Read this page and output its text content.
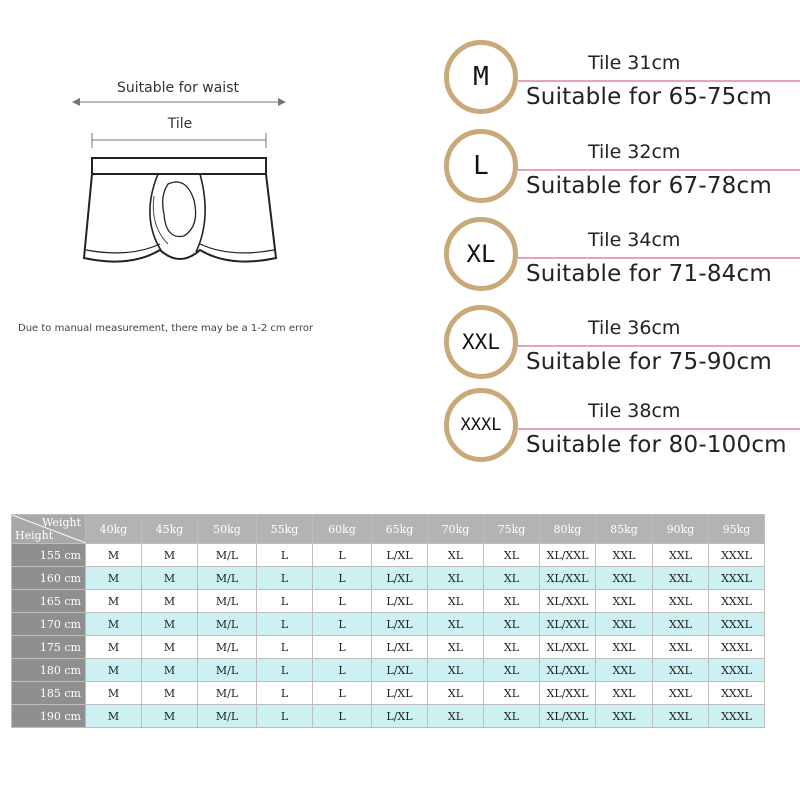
Suitable for waist
Tile
Due to manual measurement, there may be a 1-2 cm error
M	Tile 31cm
Suitable for 65-75cm
L	Tile 32cm
Suitable for 67-78cm
XL	Tile 34cm
Suitable for 71-84cm
XXL
Tile 36cm
Suitable for 75-90cm
XXXL
Tile 38cm
Suitable for 80-100cm
Weight
Height	40kg	45kg	50kg	55kg	60kg	65kg	70kg	75kg	80kg	85kg	90kg	95kg
155 cm	M	M	M/L	L	L	L/XL	XL	XL	XL/XXL	XXL	XXL	XXXL
160 cm	M	M	M/L	L	L	L/XL	XL	XL	XL/XXL	XXL	XXL	XXXL
165 cm	M	M	M/L	L	L	L/XL	XL	XL	XL/XXL	XXL	XXL	XXXL
170 cm	M	M	M/L	L	L	L/XL	XL	XL	XL/XXL	XXL	XXL	XXXL
175 cm	M	M	M/L	L	L	L/XL	XL	XL	XL/XXL	XXL	XXL	XXXL
180 cm	M	M	M/L	L	L	L/XL	XL	XL	XL/XXL	XXL	XXL	XXXL
185 cm	M	M	M/L	L	L	L/XL	XL	XL	XL/XXL	XXL	XXL	XXXL
190 cm	M	M	M/L	L	L	L/XL	XL	XL	XL/XXL	XXL	XXL	XXXL
